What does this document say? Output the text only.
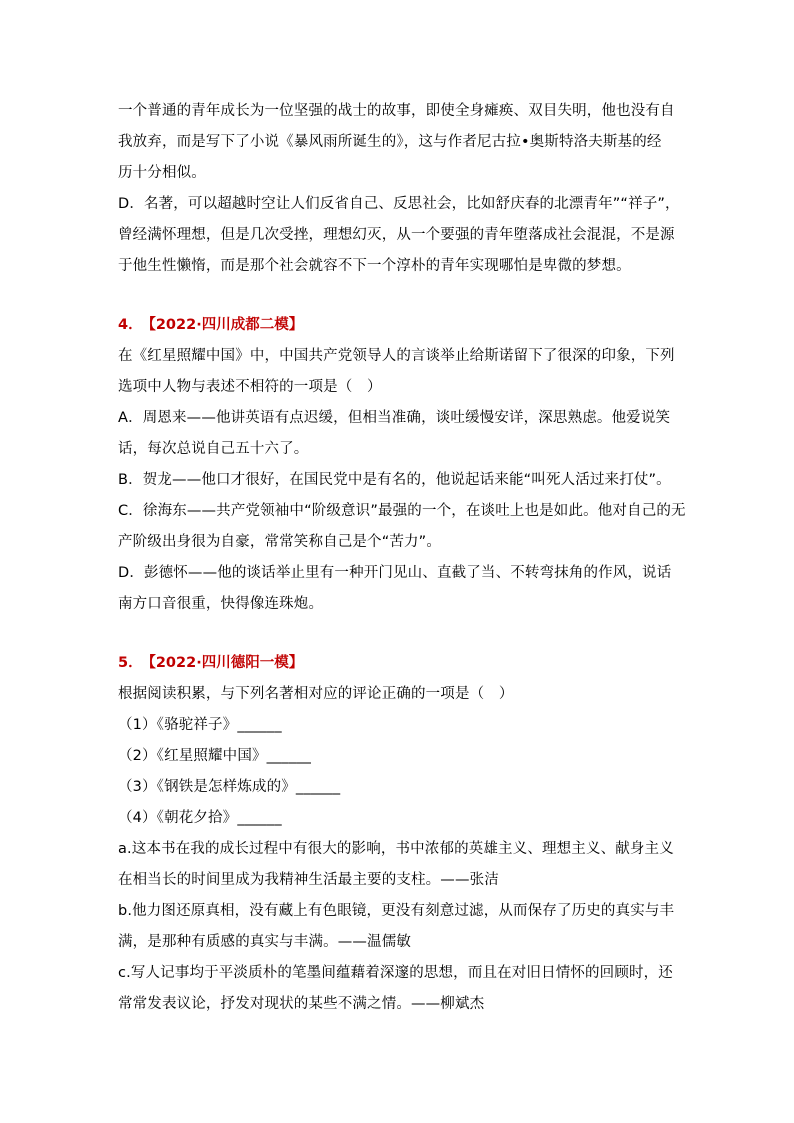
一个普通的青年成长为一位坚强的战士的故事，即使全身瘫痪、双目失明，他也没有自
我放弃，而是写下了小说《暴风雨所诞生的》，这与作者尼古拉•奥斯特洛夫斯基的经
历十分相似。
D．名著，可以超越时空让人们反省自己、反思社会，比如舒庆春的北漂青年”“祥子”，
曾经满怀理想，但是几次受挫，理想幻灭，从一个要强的青年堕落成社会混混，不是源
于他生性懒惰，而是那个社会就容不下一个淳朴的青年实现哪怕是卑微的梦想。
4． 【2022·四川成都二模】
在《红星照耀中国》中，中国共产党领导人的言谈举止给斯诺留下了很深的印象，下列
选项中人物与表述不相符的一项是（　）
A．周恩来——他讲英语有点迟缓，但相当准确，谈吐缓慢安详，深思熟虑。他爱说笑
话，每次总说自己五十六了。
B．贺龙——他口才很好，在国民党中是有名的，他说起话来能“叫死人活过来打仗”。
C．徐海东——共产党领袖中“阶级意识”最强的一个，在谈吐上也是如此。他对自己的无
产阶级出身很为自豪，常常笑称自己是个“苦力”。
D．彭德怀——他的谈话举止里有一种开门见山、直截了当、不转弯抹角的作风，说话
南方口音很重，快得像连珠炮。
5． 【2022·四川德阳一模】
根据阅读积累，与下列名著相对应的评论正确的一项是（　）
（1）《骆驼祥子》______
（2）《红星照耀中国》______
（3）《钢铁是怎样炼成的》______
（4）《朝花夕拾》______
a.这本书在我的成长过程中有很大的影响，书中浓郁的英雄主义、理想主义、献身主义
在相当长的时间里成为我精神生活最主要的支柱。——张洁
b.他力图还原真相，没有藏上有色眼镜，更没有刻意过滤，从而保存了历史的真实与丰
满，是那种有质感的真实与丰满。——温儒敏
c.写人记事均于平淡质朴的笔墨间蕴藉着深邃的思想，而且在对旧日情怀的回顾时，还
常常发表议论，抒发对现状的某些不满之情。——柳斌杰
